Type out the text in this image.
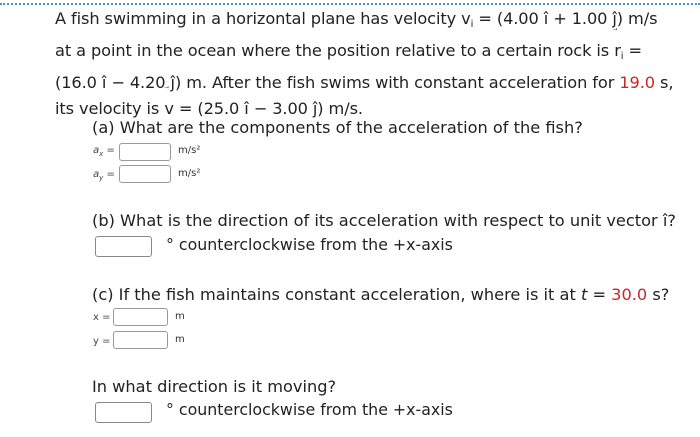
A fish swimming in a horizontal plane has velocity v
$_i$ = (4.00 î + 1.00 ĵ) m/s
at a point in the ocean where the position relative to a certain rock is r
$_i$ =
(16.0 î − 4.20 ĵ) m. After the fish swims with constant acceleration for 19.0 s,
its velocity is v
= (25.0 î − 3.00 ĵ) m/s.
(a) What are the components of the acceleration of the fish?
$a_x$ =	m/s²
$a_y$ =	m/s²
(b) What is the direction of its acceleration with respect to unit vector î?
° counterclockwise from the +x-axis
(c) If the fish maintains constant acceleration, where is it at t = 30.0 s?
x =	m
y =	m
In what direction is it moving?
° counterclockwise from the +x-axis
